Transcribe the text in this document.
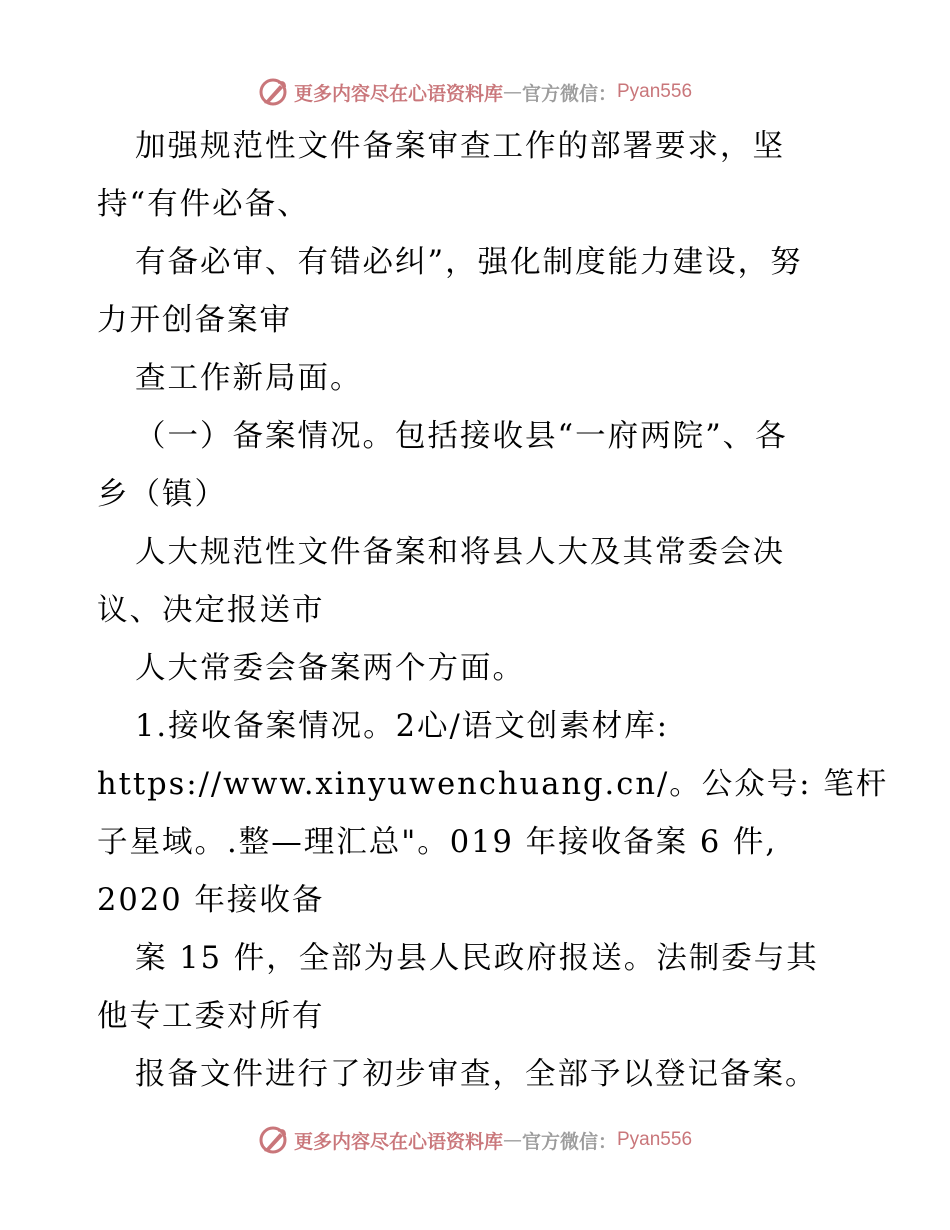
更多内容尽在心语资料库 — 官方微信： Pyan556
加强规范性文件备案审查工作的部署要求，坚
持“有件必备、
有备必审、有错必纠”，强化制度能力建设，努
力开创备案审
查工作新局面。
（一）备案情况。包括接收县“一府两院”、各
乡（镇）
人大规范性文件备案和将县人大及其常委会决
议、决定报送市
人大常委会备案两个方面。
1.接收备案情况。2心/语文创素材库:
https://www.xinyuwenchuang.cn/。公众号: 笔杆
子星域。.整—理汇总"。019 年接收备案 6 件,
2020 年接收备
案 15 件，全部为县人民政府报送。法制委与其
他专工委对所有
报备文件进行了初步审查，全部予以登记备案。
更多内容尽在心语资料库 — 官方微信： Pyan556
